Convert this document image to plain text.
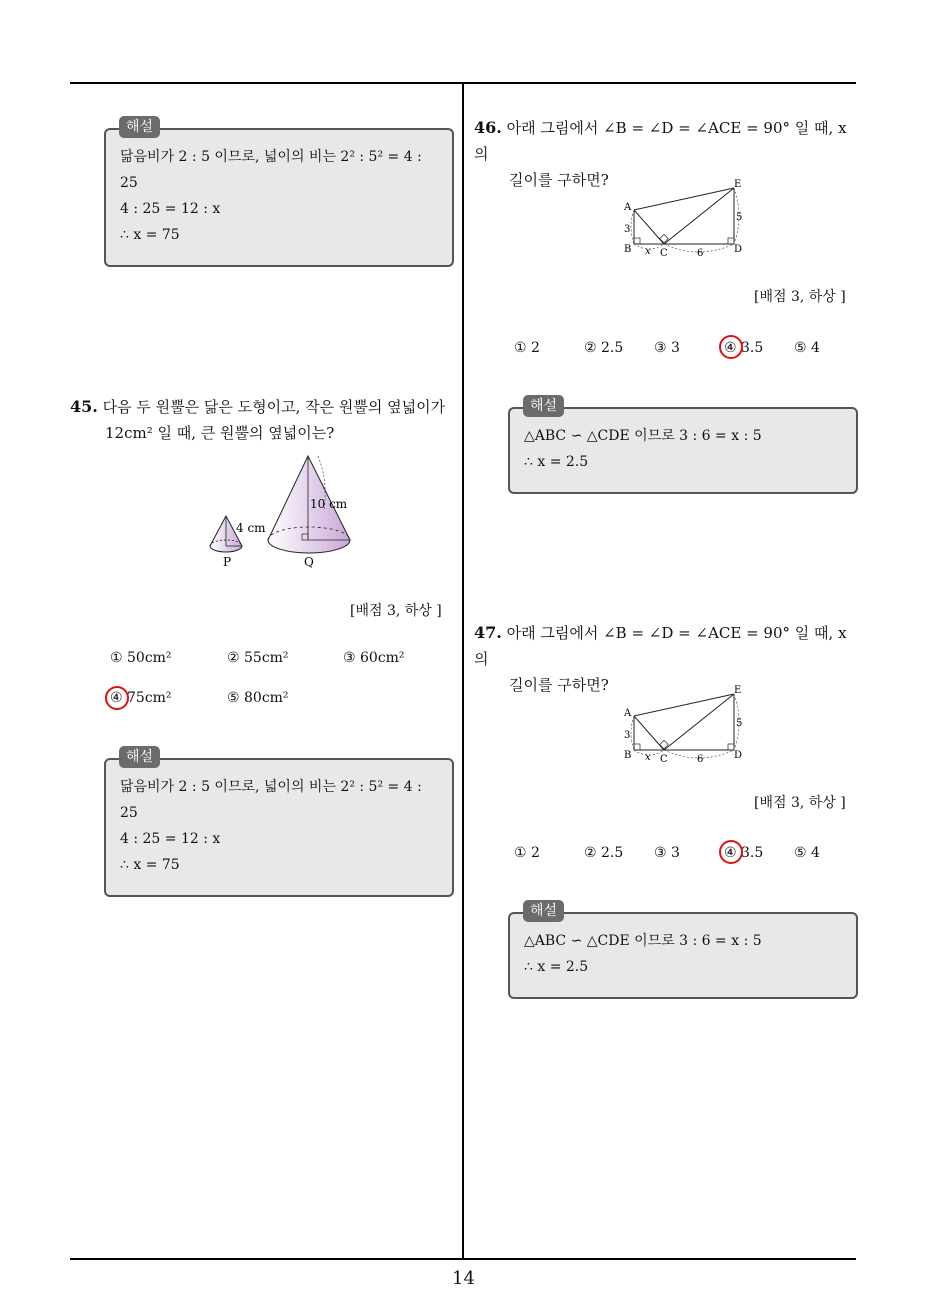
닮음비가 2 : 5 이므로, 넓이의 비는 2² : 5² = 4 :
25
4 : 25 = 12 : x
∴ x = 75
해설
45. 다음 두 원뿔은 닮은 도형이고, 작은 원뿔의 옆넓이가
12cm² 일 때, 큰 원뿔의 옆넓이는?
4 cm
10 cm
P	Q
[배점 3, 하상 ]
① 50cm²	② 55cm²	③ 60cm²
④ 75cm²	⑤ 80cm²
닮음비가 2 : 5 이므로, 넓이의 비는 2² : 5² = 4 :
25
4 : 25 = 12 : x
∴ x = 75
해설
46. 아래 그림에서 ∠B = ∠D = ∠ACE = 90° 일 때, x 의
길이를 구하면?
A
B	C	D
E
3
5
x	6
[배점 3, 하상 ]
① 2	② 2.5 ③ 3	④ 3.5 ⑤ 4
△ABC ∽ △CDE 이므로 3 : 6 = x : 5
∴ x = 2.5
해설
47. 아래 그림에서 ∠B = ∠D = ∠ACE = 90° 일 때, x 의
길이를 구하면?
A
B	C	D
E
3
5
x	6
[배점 3, 하상 ]
① 2	② 2.5 ③ 3	④ 3.5 ⑤ 4
△ABC ∽ △CDE 이므로 3 : 6 = x : 5
∴ x = 2.5
해설
14
